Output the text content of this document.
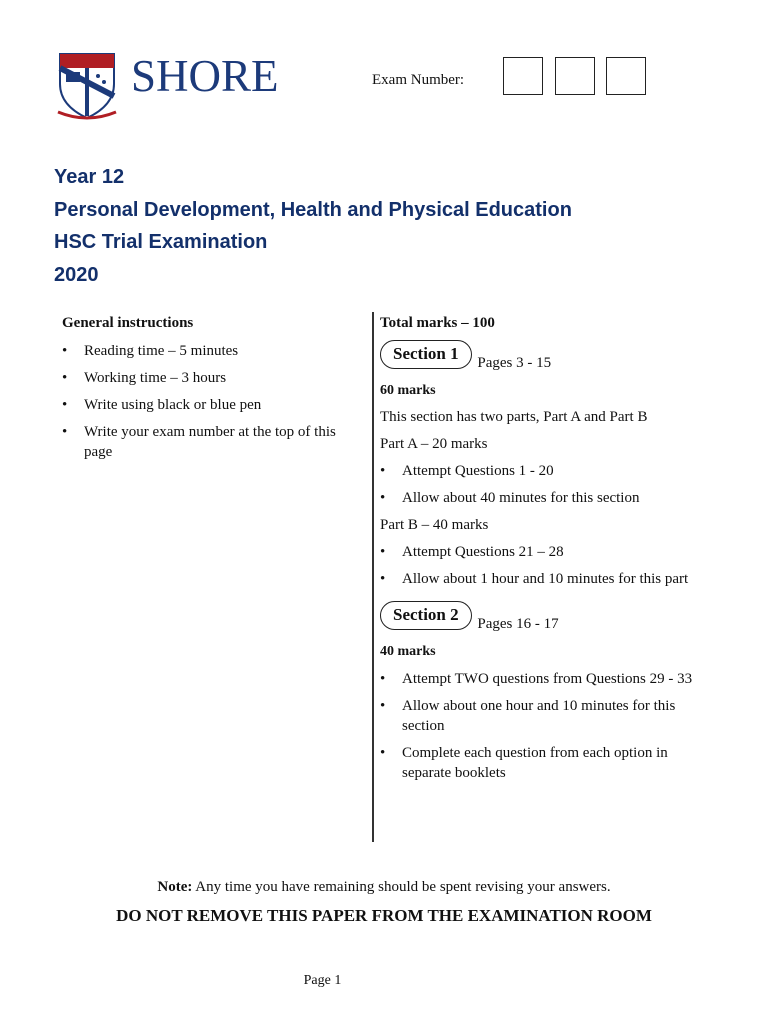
SHORE	Exam Number:
Year 12
Personal Development, Health and Physical Education
HSC Trial Examination
2020
General instructions
• Reading time – 5 minutes
• Working time – 3 hours
• Write using black or blue pen
• Write your exam number at the top of this page
Total marks – 100
Section 1 Pages 3 - 15
60 marks
This section has two parts, Part A and Part B
Part A – 20 marks
• Attempt Questions 1 - 20
• Allow about 40 minutes for this section
Part B – 40 marks
• Attempt Questions 21 – 28
• Allow about 1 hour and 10 minutes for this part
Section 2 Pages 16 - 17
40 marks
• Attempt TWO questions from Questions 29 - 33
• Allow about one hour and 10 minutes for this section
• Complete each question from each option in separate booklets
Note: Any time you have remaining should be spent revising your answers.
DO NOT REMOVE THIS PAPER FROM THE EXAMINATION ROOM
Page 1
